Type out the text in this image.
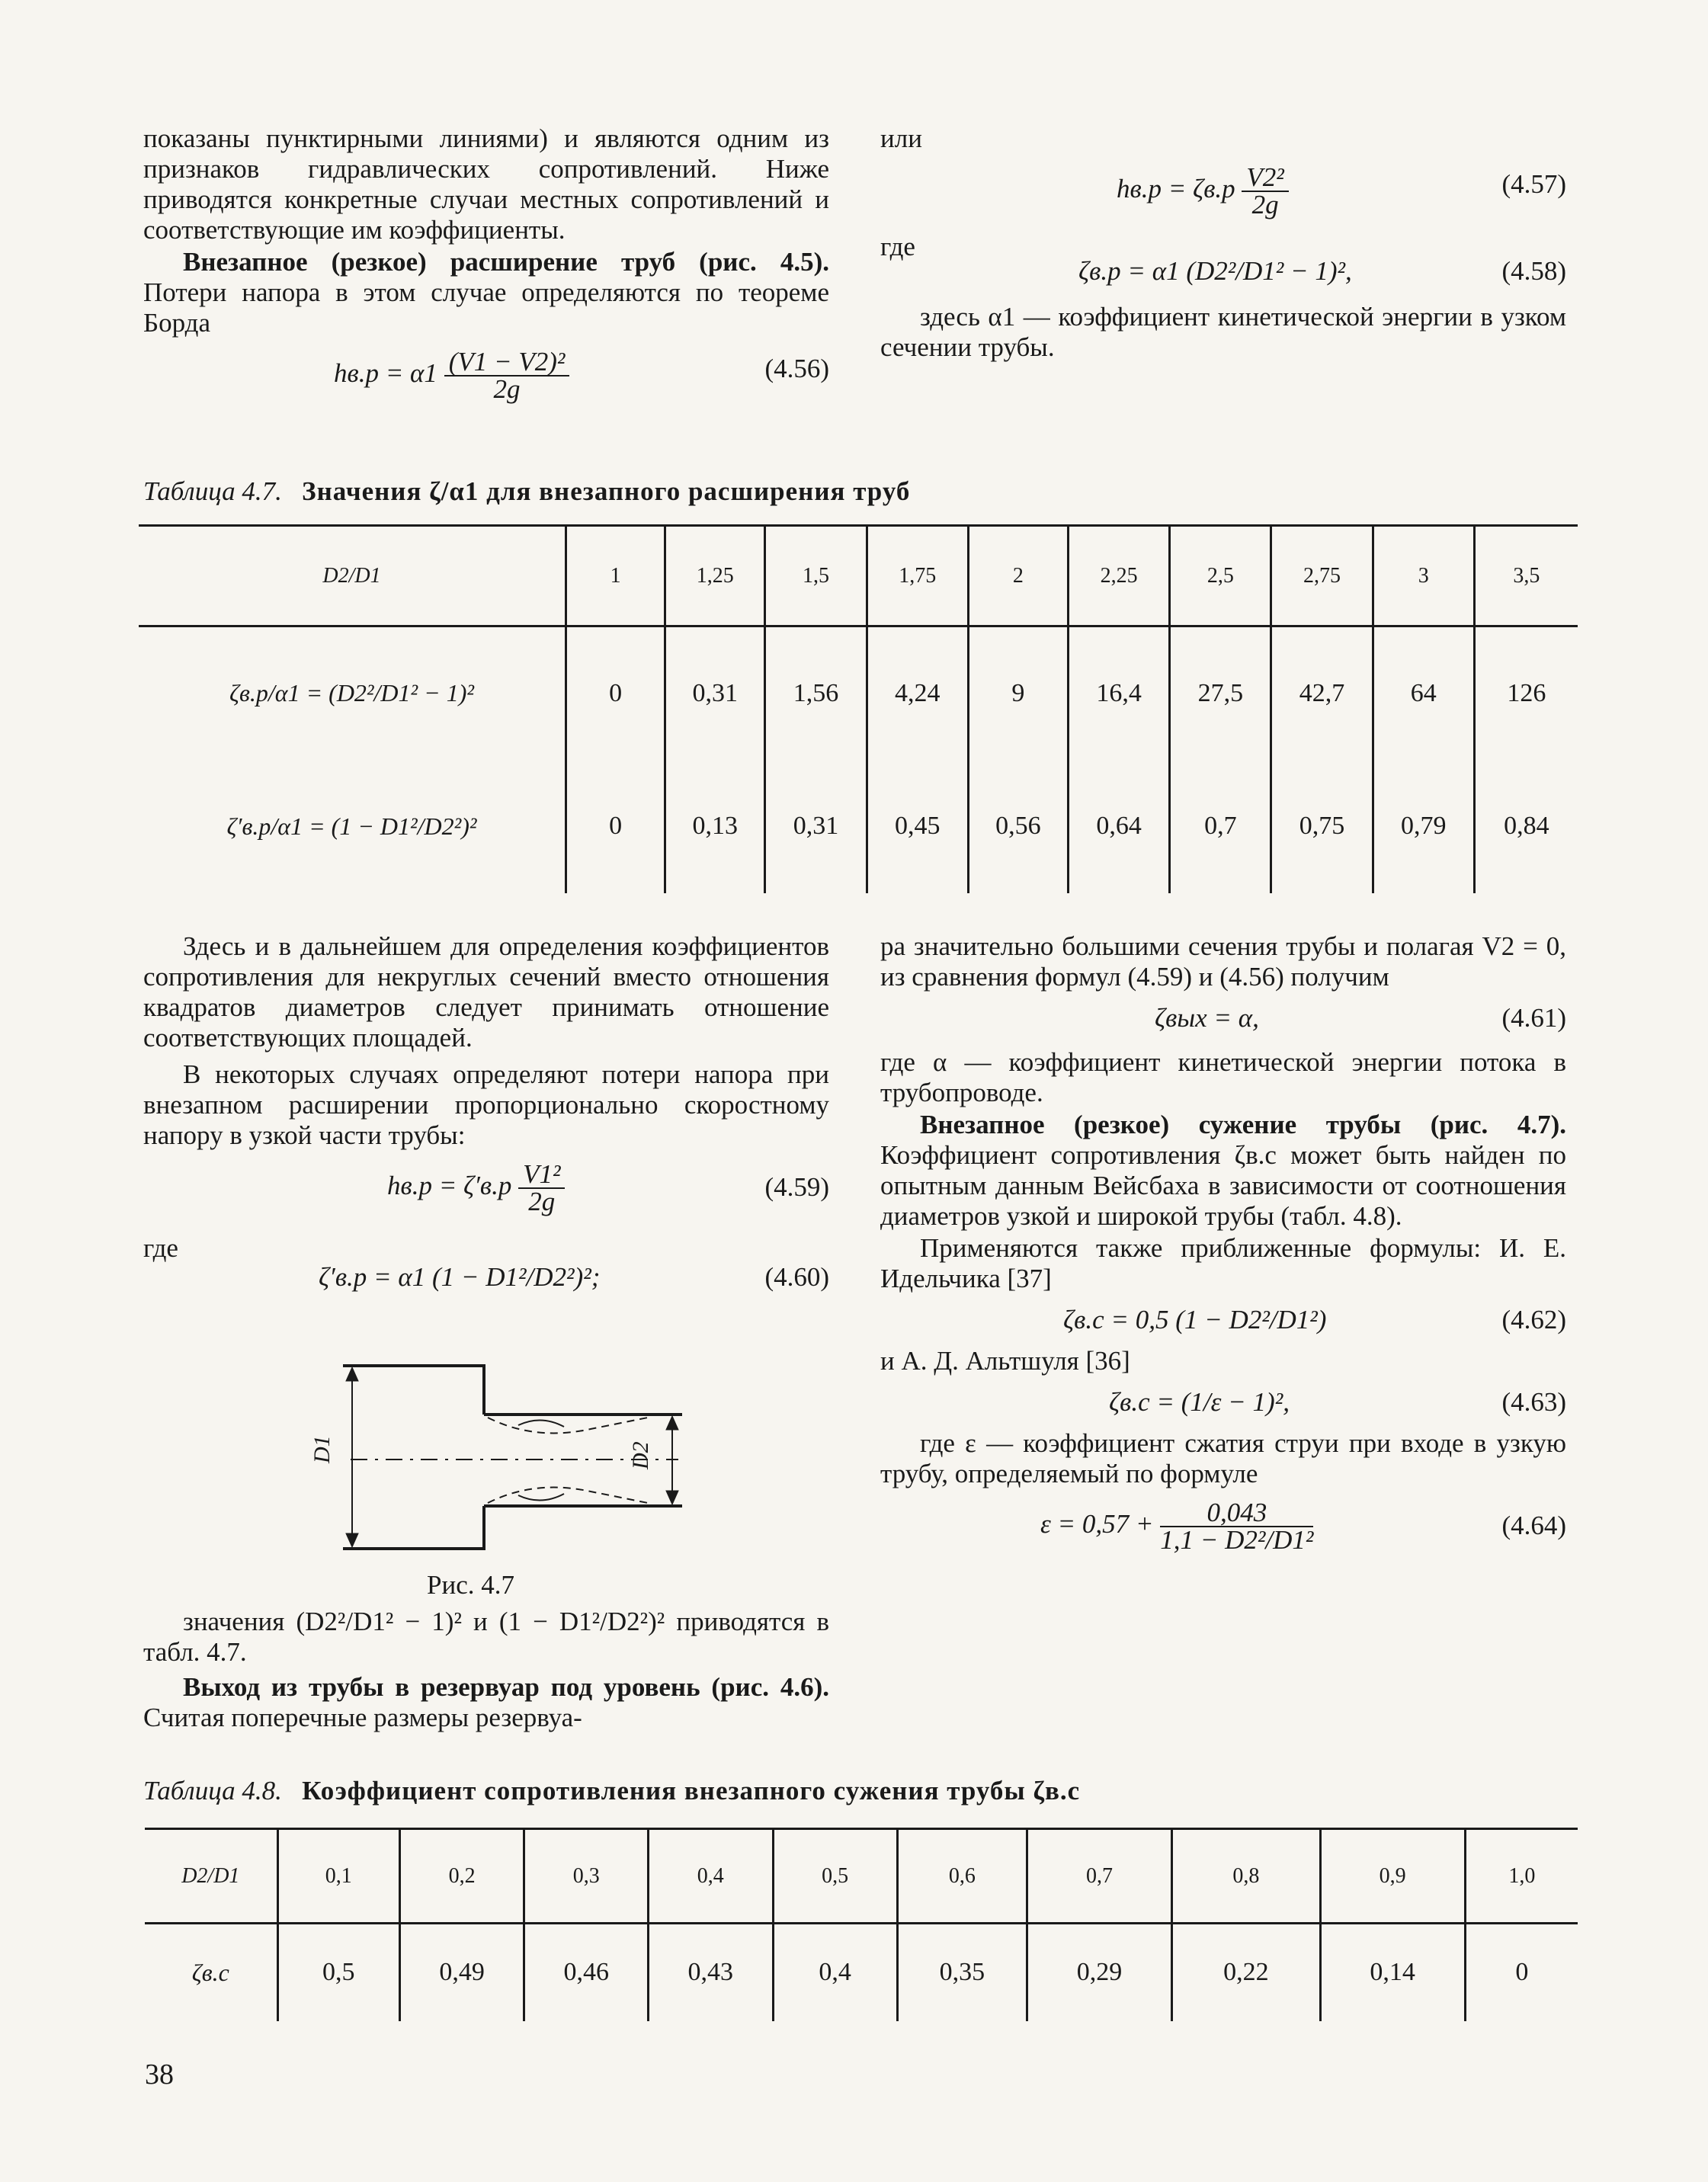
показаны пунктирными линиями) и являются одним из признаков гидравлических сопротивлений. Ниже приводятся конкретные случаи местных сопротивлений и соответствующие им коэффициенты.

Внезапное (резкое) расширение труб (рис. 4.5). Потери напора в этом случае определяются по теореме Борда

$hв.р = \alpha 1 \frac{\text{(V1 − V2)²}}{2g}$	(4.56)

или

$hв.р = \zeta в.р \frac{\text{V2²}}{2g}$	(4.57)

где

ζв.р = α1 (D2²/D1² − 1)²,	(4.58)

здесь α1 — коэффициент кинетической энергии в узком сечении трубы.

Таблица 4.7. Значения ζ/α1 для внезапного расширения труб
D2/D1	1	1,25	1,5	1,75	2	2,25	2,5	2,75	3	3,5
ζв.р/α1 = (D2²/D1² − 1)²	0	0,31	1,56	4,24	9	16,4	27,5	42,7	64	126
ζ′в.р/α1 = (1 − D1²/D2²)²	0	0,13	0,31	0,45	0,56	0,64	0,7	0,75	0,79	0,84

Здесь и в дальнейшем для определения коэффициентов сопротивления для некруглых сечений вместо отношения квадратов диаметров следует принимать отношение соответствующих площадей.

В некоторых случаях определяют потери напора при внезапном расширении пропорционально скоростному напору в узкой части трубы:

$hв.р = \zeta'в.р \frac{\text{V1²}}{2g}$	(4.59)

где

ζ′в.р = α1 (1 − D1²/D2²)²;	(4.60)
D1	D2
Рис. 4.7

значения (D2²/D1² − 1)² и (1 − D1²/D2²)² приводятся в табл. 4.7.

Выход из трубы в резервуар под уровень (рис. 4.6). Считая поперечные размеры резервуа-

ра значительно большими сечения трубы и полагая V2 = 0, из сравнения формул (4.59) и (4.56) получим

ζвых = α,	(4.61)

где α — коэффициент кинетической энергии потока в трубопроводе.

Внезапное (резкое) сужение трубы (рис. 4.7). Коэффициент сопротивления ζв.с может быть найден по опытным данным Вейсбаха в зависимости от соотношения диаметров узкой и широкой трубы (табл. 4.8).

Применяются также приближенные формулы: И. Е. Идельчика [37]

ζв.с = 0,5 (1 − D2²/D1²)	(4.62)

и А. Д. Альтшуля [36]

ζв.с = (1/ε − 1)²,	(4.63)

где ε — коэффициент сжатия струи при входе в узкую трубу, определяемый по формуле

$\varepsilon = 0,57 + \frac{0,043}{\text{1,1 − D2²/D1²}}$	(4.64)
Таблица 4.8. Коэффициент сопротивления внезапного сужения трубы ζв.с
D2/D1	0,1	0,2	0,3	0,4	0,5	0,6	0,7	0,8	0,9	1,0
ζв.с	0,5	0,49	0,46	0,43	0,4	0,35	0,29	0,22	0,14	0
38
